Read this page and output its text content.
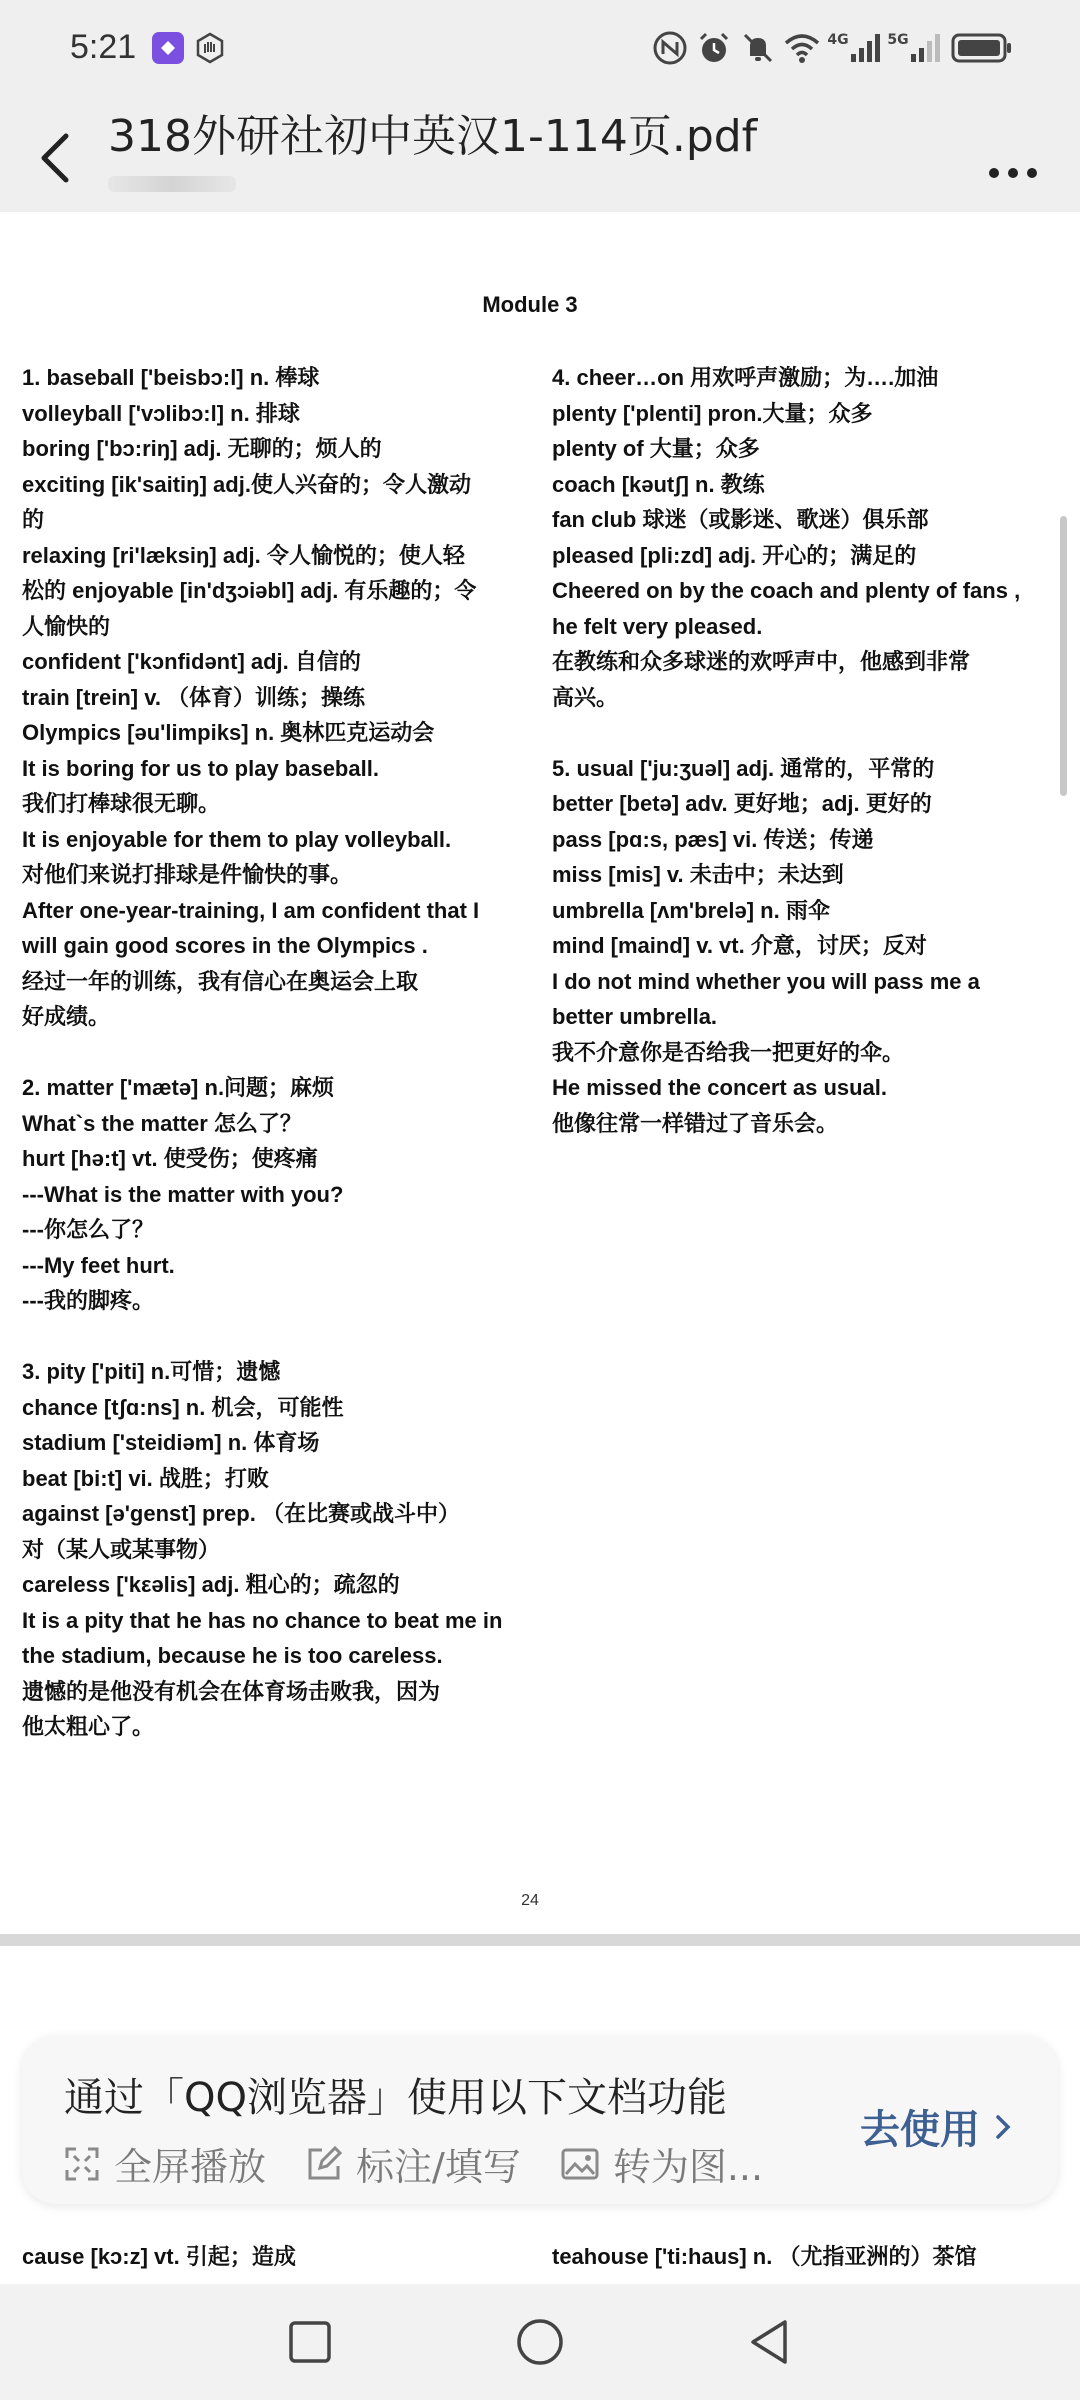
5:21	4G	5G
318外研社初中英汉1-114页.pdf
Module 3
1. baseball ['beisbɔ:l] n. 棒球
volleyball ['vɔlibɔ:l] n. 排球
boring ['bɔ:riŋ] adj. 无聊的；烦人的
exciting [ik'saitiŋ] adj.使人兴奋的；令人激动
的
relaxing [ri'læksiŋ] adj. 令人愉悦的；使人轻
松的 enjoyable [in'dʒɔiəbl] adj. 有乐趣的；令
人愉快的
confident ['kɔnfidənt] adj. 自信的
train [trein] v. （体育）训练；操练
Olympics [əu'limpiks] n. 奥林匹克运动会
It is boring for us to play baseball.
我们打棒球很无聊。
It is enjoyable for them to play volleyball.
对他们来说打排球是件愉快的事。
After one-year-training, I am confident that I
will gain good scores in the Olympics .
经过一年的训练，我有信心在奥运会上取
好成绩。
2. matter ['mætə] n.问题；麻烦
What`s the matter 怎么了？
hurt [hə:t] vt. 使受伤；使疼痛
---What is the matter with you?
---你怎么了？
---My feet hurt.
---我的脚疼。
3. pity ['piti] n.可惜；遗憾
chance [tʃɑ:ns] n. 机会，可能性
stadium ['steidiəm] n. 体育场
beat [bi:t] vi. 战胜；打败
against [ə'genst] prep. （在比赛或战斗中）
对（某人或某事物）
careless ['kεəlis] adj. 粗心的；疏忽的
It is a pity that he has no chance to beat me in
the stadium, because he is too careless.
遗憾的是他没有机会在体育场击败我，因为
他太粗心了。
4. cheer…on 用欢呼声激励；为….加油
plenty ['plenti] pron.大量；众多
plenty of 大量；众多
coach [kəutʃ] n. 教练
fan club 球迷（或影迷、歌迷）俱乐部
pleased [pli:zd] adj. 开心的；满足的
Cheered on by the coach and plenty of fans ,
he felt very pleased.
在教练和众多球迷的欢呼声中，他感到非常
高兴。
5. usual ['ju:ʒuəl] adj. 通常的，平常的
better [betə] adv. 更好地；adj. 更好的
pass [pɑ:s, pæs] vi. 传送；传递
miss [mis] v. 未击中；未达到
umbrella [ʌm'brelə] n. 雨伞
mind [maind] v. vt. 介意，讨厌；反对
I do not mind whether you will pass me a
better umbrella.
我不介意你是否给我一把更好的伞。
He missed the concert as usual.
他像往常一样错过了音乐会。
24
cause [kɔ:z] vt. 引起；造成	teahouse ['ti:haus] n. （尤指亚洲的）茶馆
通过「QQ浏览器」使用以下文档功能
全屏播放 标注/填写 转为图...
去使用
